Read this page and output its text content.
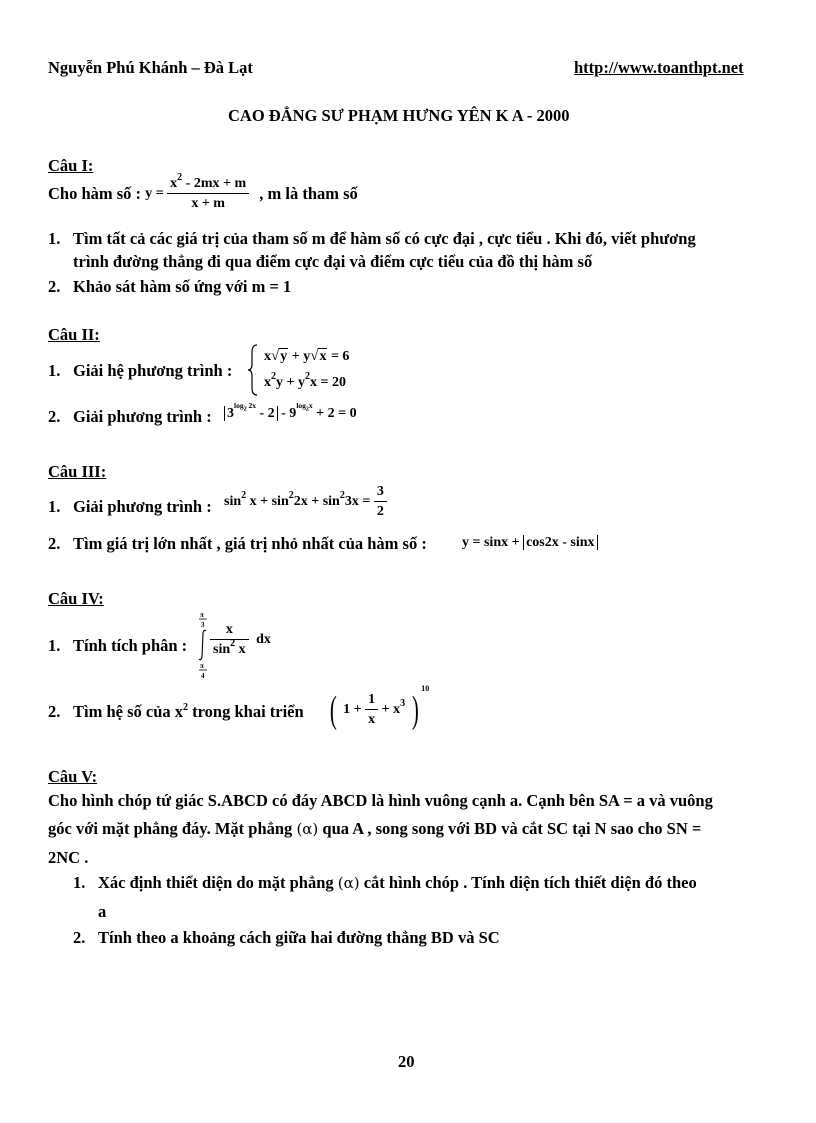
Nguyễn Phú Khánh – Đà Lạt	http://www.toanthpt.net
CAO ĐẲNG SƯ PHẠM HƯNG YÊN K A - 2000
Câu I:
Cho hàm số : $y = \frac{x^2 - 2mx + m}{x + m}$ , m là tham số
1. Tìm tất cả các giá trị của tham số m để hàm số có cực đại , cực tiểu . Khi đó, viết phương
trình đường thẳng đi qua điểm cực đại và điểm cực tiểu của đồ thị hàm số
2. Khảo sát hàm số ứng với m = 1
Câu II:
1. Giải hệ phương trình :
x√y + y√x = 6
$x^2y + y^2x = 20$
2. Giải phương trình : $3^{log_2 2x} - 2 - 9^{log_2x} + 2 = 0$
Câu III:
1. Giải phương trình : $\sin^2 x + \sin^22x + \sin^23x = \frac{3}{2}$
2. Tìm giá trị lớn nhất , giá trị nhỏ nhất của hàm số :	y = sinx + cos2x - sinx
Câu IV:
1. Tính tích phân :
π
3
π
4
$\frac{x}{\sin^2 x}$ dx
2. Tìm hệ số của $x^2$ trong khai triển ( $1 + \frac{1}{x} + x^3$ )$^{10}$
Câu V:
Cho hình chóp tứ giác S.ABCD có đáy ABCD là hình vuông cạnh a. Cạnh bên SA = a và vuông
góc với mặt phẳng đáy. Mặt phẳng (α) qua A , song song với BD và cắt SC tại N sao cho SN =
2NC .
1. Xác định thiết diện do mặt phẳng (α) cắt hình chóp . Tính diện tích thiết diện đó theo
a
2. Tính theo a khoảng cách giữa hai đường thẳng BD và SC
20
